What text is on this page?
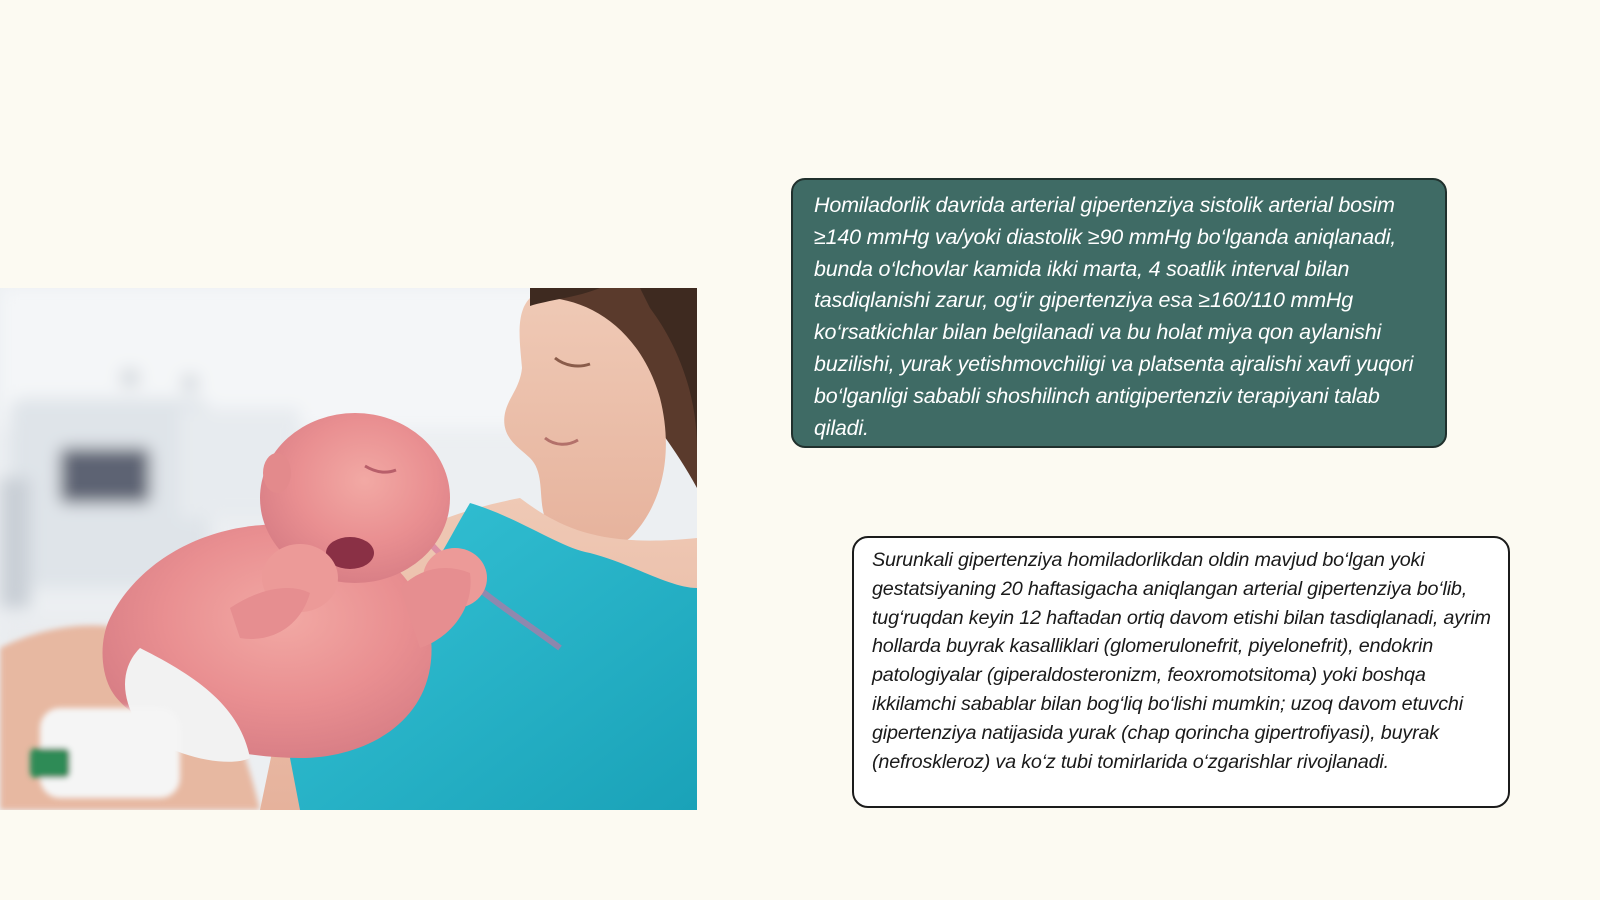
Homiladorlik davrida arterial gipertenziya sistolik arterial bosim ≥140 mmHg va/yoki diastolik ≥90 mmHg bo‘lganda aniqlanadi, bunda o‘lchovlar kamida ikki marta, 4 soatlik interval bilan tasdiqlanishi zarur, og‘ir gipertenziya esa ≥160/110 mmHg ko‘rsatkichlar bilan belgilanadi va bu holat miya qon aylanishi buzilishi, yurak yetishmovchiligi va platsenta ajralishi xavfi yuqori bo‘lganligi sababli shoshilinch antigipertenziv terapiyani talab qiladi.
Surunkali gipertenziya homiladorlikdan oldin mavjud bo‘lgan yoki gestatsiyaning 20 haftasigacha aniqlangan arterial gipertenziya bo‘lib, tug‘ruqdan keyin 12 haftadan ortiq davom etishi bilan tasdiqlanadi, ayrim hollarda buyrak kasalliklari (glomerulonefrit, piyelonefrit), endokrin patologiyalar (giperaldosteronizm, feoxromotsitoma) yoki boshqa ikkilamchi sabablar bilan bog‘liq bo‘lishi mumkin; uzoq davom etuvchi gipertenziya natijasida yurak (chap qorincha gipertrofiyasi), buyrak (nefroskleroz) va ko‘z tubi tomirlarida o‘zgarishlar rivojlanadi.
